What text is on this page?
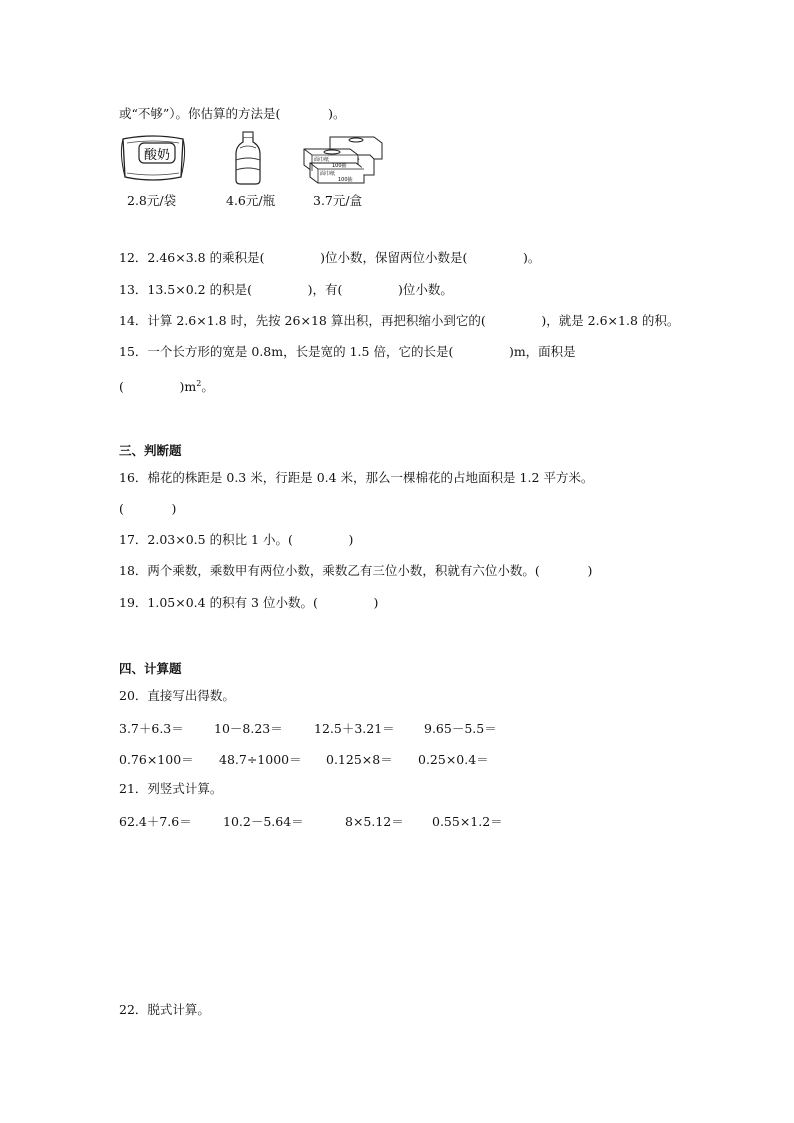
或“不够”）。你估算的方法是(            )。
酸奶	面巾纸
100抽
面巾纸
100抽
2.8元/袋	4.6元/瓶	3.7元/盒
12．2.46×3.8 的乘积是(              )位小数，保留两位小数是(              )。
13．13.5×0.2 的积是(              )，有(              )位小数。
14．计算 2.6×1.8 时，先按 26×18 算出积，再把积缩小到它的(              )，就是 2.6×1.8 的积。
15．一个长方形的宽是 0.8m，长是宽的 1.5 倍，它的长是(              )m，面积是
(              )$m^2$。
三、判断题
16．棉花的株距是 0.3 米，行距是 0.4 米，那么一棵棉花的占地面积是 1.2 平方米。
(            )
17．2.03×0.5 的积比 1 小。(              )
18．两个乘数，乘数甲有两位小数，乘数乙有三位小数，积就有六位小数。(            )
19．1.05×0.4 的积有 3 位小数。(              )
四、计算题
20．直接写出得数。
3.7＋6.3＝ 10－8.23＝	12.5＋3.21＝ 9.65－5.5＝
0.76×100＝ 48.7÷1000＝ 0.125×8＝ 0.25×0.4＝
21．列竖式计算。
62.4＋7.6＝	10.2－5.64＝	8×5.12＝ 0.55×1.2＝
22．脱式计算。
